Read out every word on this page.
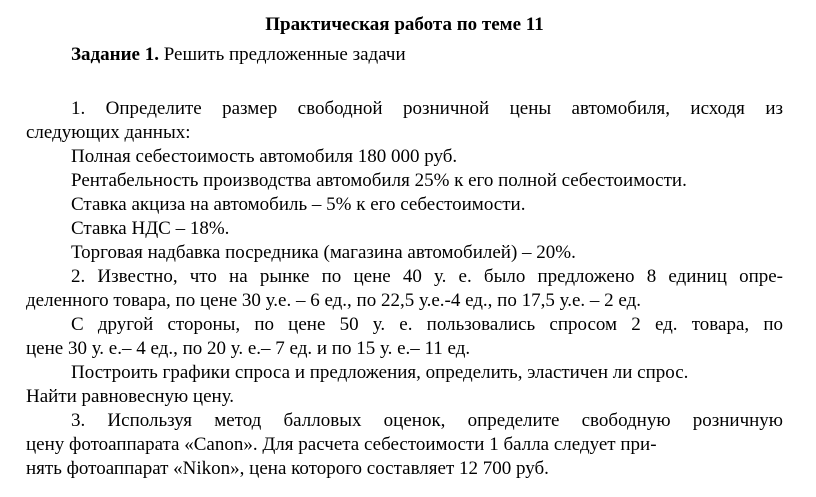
Практическая работа по теме 11
Задание 1. Решить предложенные задачи

1. Определите размер свободной розничной цены автомобиля, исходя из

следующих данных:

Полная себестоимость автомобиля 180 000 руб.

Рентабельность производства автомобиля 25% к его полной себестоимости.

Ставка акциза на автомобиль – 5% к его себестоимости.

Ставка НДС – 18%.

Торговая надбавка посредника (магазина автомобилей) – 20%.

2. Известно, что на рынке по цене 40 у. е. было предложено 8 единиц опре-

деленного товара, по цене 30 у.е. – 6 ед., по 22,5 у.е.-4 ед., по 17,5 у.е. – 2 ед.

С другой стороны, по цене 50 у. е. пользовались спросом 2 ед. товара, по

цене 30 у. е.– 4 ед., по 20 у. е.– 7 ед. и по 15 у. е.– 11 ед.

Построить графики спроса и предложения, определить, эластичен ли спрос.

Найти равновесную цену.

3. Используя метод балловых оценок, определите свободную розничную

цену фотоаппарата «Canon». Для расчета себестоимости 1 балла следует при-

нять фотоаппарат «Nikon», цена которого составляет 12 700 руб.
